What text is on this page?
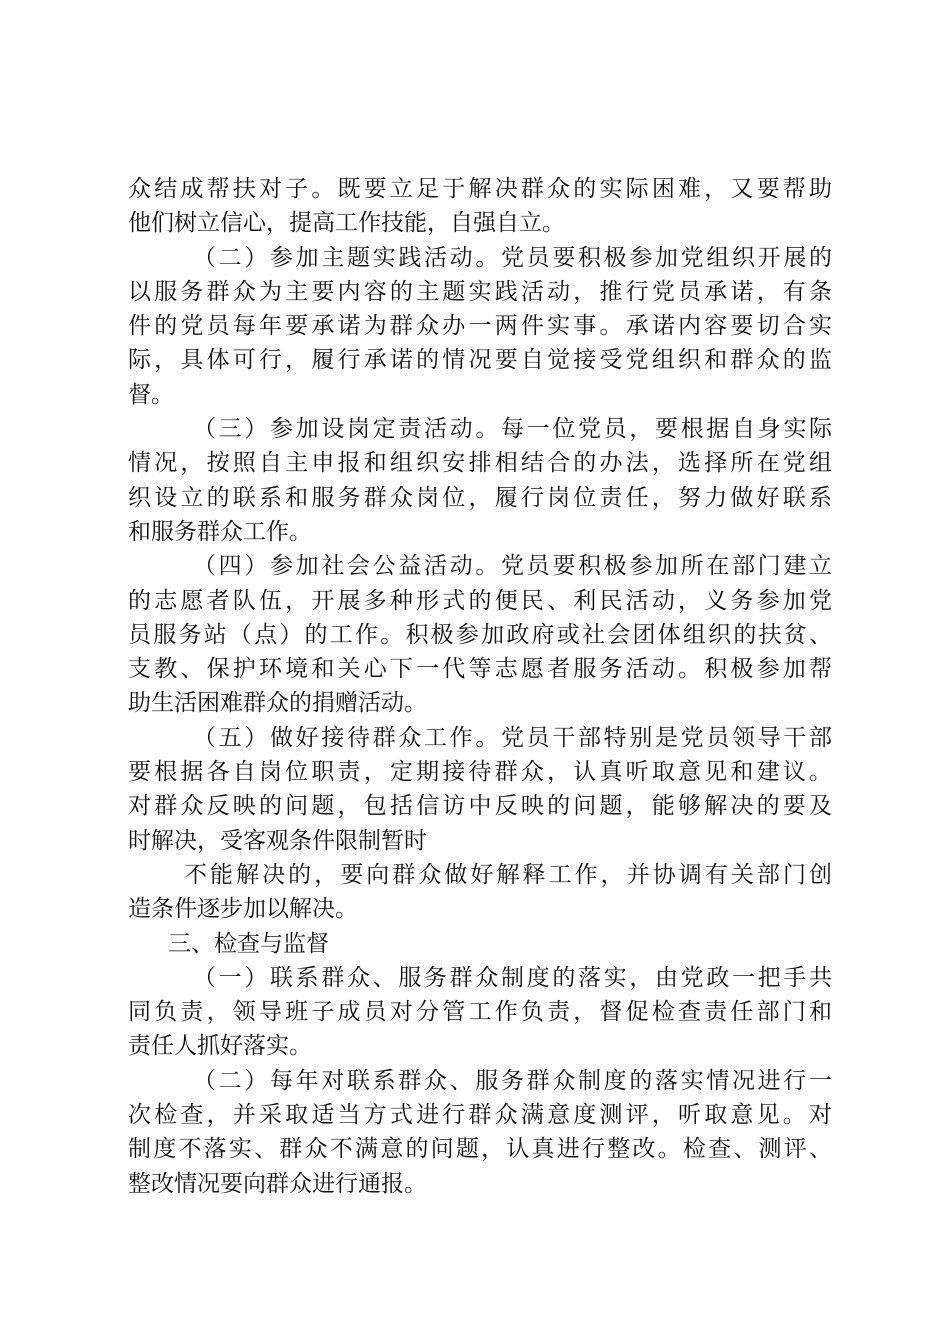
众结成帮扶对子。既要立足于解决群众的实际困难，又要帮助
他们树立信心，提高工作技能，自强自立。
（二）参加主题实践活动。党员要积极参加党组织开展的
以服务群众为主要内容的主题实践活动，推行党员承诺，有条
件的党员每年要承诺为群众办一两件实事。承诺内容要切合实
际，具体可行，履行承诺的情况要自觉接受党组织和群众的监
督。
（三）参加设岗定责活动。每一位党员，要根据自身实际
情况，按照自主申报和组织安排相结合的办法，选择所在党组
织设立的联系和服务群众岗位，履行岗位责任，努力做好联系
和服务群众工作。
（四）参加社会公益活动。党员要积极参加所在部门建立
的志愿者队伍，开展多种形式的便民、利民活动，义务参加党
员服务站（点）的工作。积极参加政府或社会团体组织的扶贫、
支教、保护环境和关心下一代等志愿者服务活动。积极参加帮
助生活困难群众的捐赠活动。
（五）做好接待群众工作。党员干部特别是党员领导干部
要根据各自岗位职责，定期接待群众，认真听取意见和建议。
对群众反映的问题，包括信访中反映的问题，能够解决的要及
时解决，受客观条件限制暂时
不能解决的，要向群众做好解释工作，并协调有关部门创
造条件逐步加以解决。
三、检查与监督
（一）联系群众、服务群众制度的落实，由党政一把手共
同负责，领导班子成员对分管工作负责，督促检查责任部门和
责任人抓好落实。
（二）每年对联系群众、服务群众制度的落实情况进行一
次检查，并采取适当方式进行群众满意度测评，听取意见。对
制度不落实、群众不满意的问题，认真进行整改。检查、测评、
整改情况要向群众进行通报。
